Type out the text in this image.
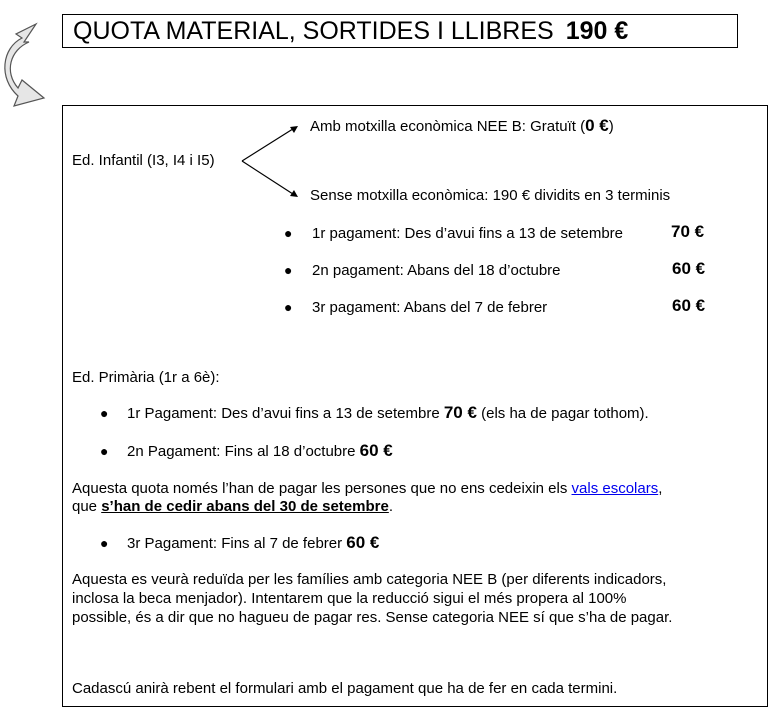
QUOTA MATERIAL, SORTIDES I LLIBRES 190 €
Ed. Infantil (I3, I4 i I5)
Amb motxilla econòmica NEE B: Gratuït (0 €)
Sense motxilla econòmica: 190 € dividits en 3 terminis
● 1r pagament: Des d’avui fins a 13 de setembre	70 €
● 2n pagament: Abans del 18 d’octubre	60 €
● 3r pagament: Abans del 7 de febrer	60 €
Ed. Primària (1r a 6è):
● 1r Pagament: Des d’avui fins a 13 de setembre 70 € (els ha de pagar tothom).
● 2n Pagament: Fins al 18 d’octubre 60 €
Aquesta quota només l’han de pagar les persones que no ens cedeixin els vals escolars,
que s’han de cedir abans del 30 de setembre.
● 3r Pagament: Fins al 7 de febrer 60 €
Aquesta es veurà reduïda per les famílies amb categoria NEE B (per diferents indicadors,
inclosa la beca menjador). Intentarem que la reducció sigui el més propera al 100%
possible, és a dir que no hagueu de pagar res. Sense categoria NEE sí que s’ha de pagar.
Cadascú anirà rebent el formulari amb el pagament que ha de fer en cada termini.
